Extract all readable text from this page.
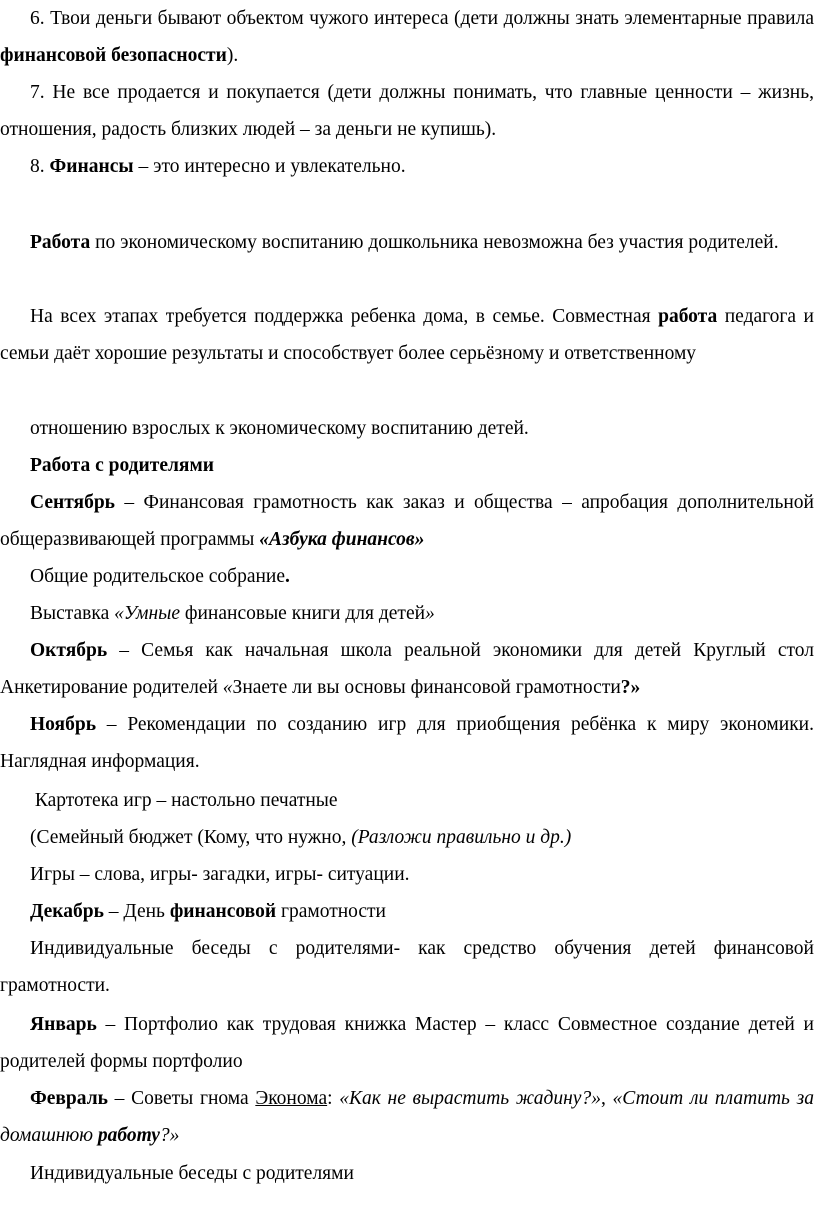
6. Твои деньги бывают объектом чужого интереса (дети должны знать элементарные правила финансовой безопасности).

7. Не все продается и покупается (дети должны понимать, что главные ценности – жизнь, отношения, радость близких людей – за деньги не купишь).

8. Финансы – это интересно и увлекательно.

Работа по экономическому воспитанию дошкольника невозможна без участия родителей.

На всех этапах требуется поддержка ребенка дома, в семье. Совместная работа педагога и семьи даёт хорошие результаты и способствует более серьёзному и ответственному

отношению взрослых к экономическому воспитанию детей.

Работа с родителями

Сентябрь – Финансовая грамотность как заказ и общества – апробация дополнительной общеразвивающей программы «Азбука финансов»

Общие родительское собрание.

Выставка «Умные финансовые книги для детей»

Октябрь – Семья как начальная школа реальной экономики для детей Круглый стол Анкетирование родителей «Знаете ли вы основы финансовой грамотности?»

Ноябрь – Рекомендации по созданию игр для приобщения ребёнка к миру экономики. Наглядная информация.

Картотека игр – настольно печатные

(Семейный бюджет (Кому, что нужно, (Разложи правильно и др.)

Игры – слова, игры- загадки, игры- ситуации.

Декабрь – День финансовой грамотности

Индивидуальные беседы с родителями- как средство обучения детей финансовой грамотности.

Январь – Портфолио как трудовая книжка Мастер – класс Совместное создание детей и родителей формы портфолио

Февраль – Советы гнома Эконома: «Как не вырастить жадину?», «Стоит ли платить за домашнюю работу?»

Индивидуальные беседы с родителями
